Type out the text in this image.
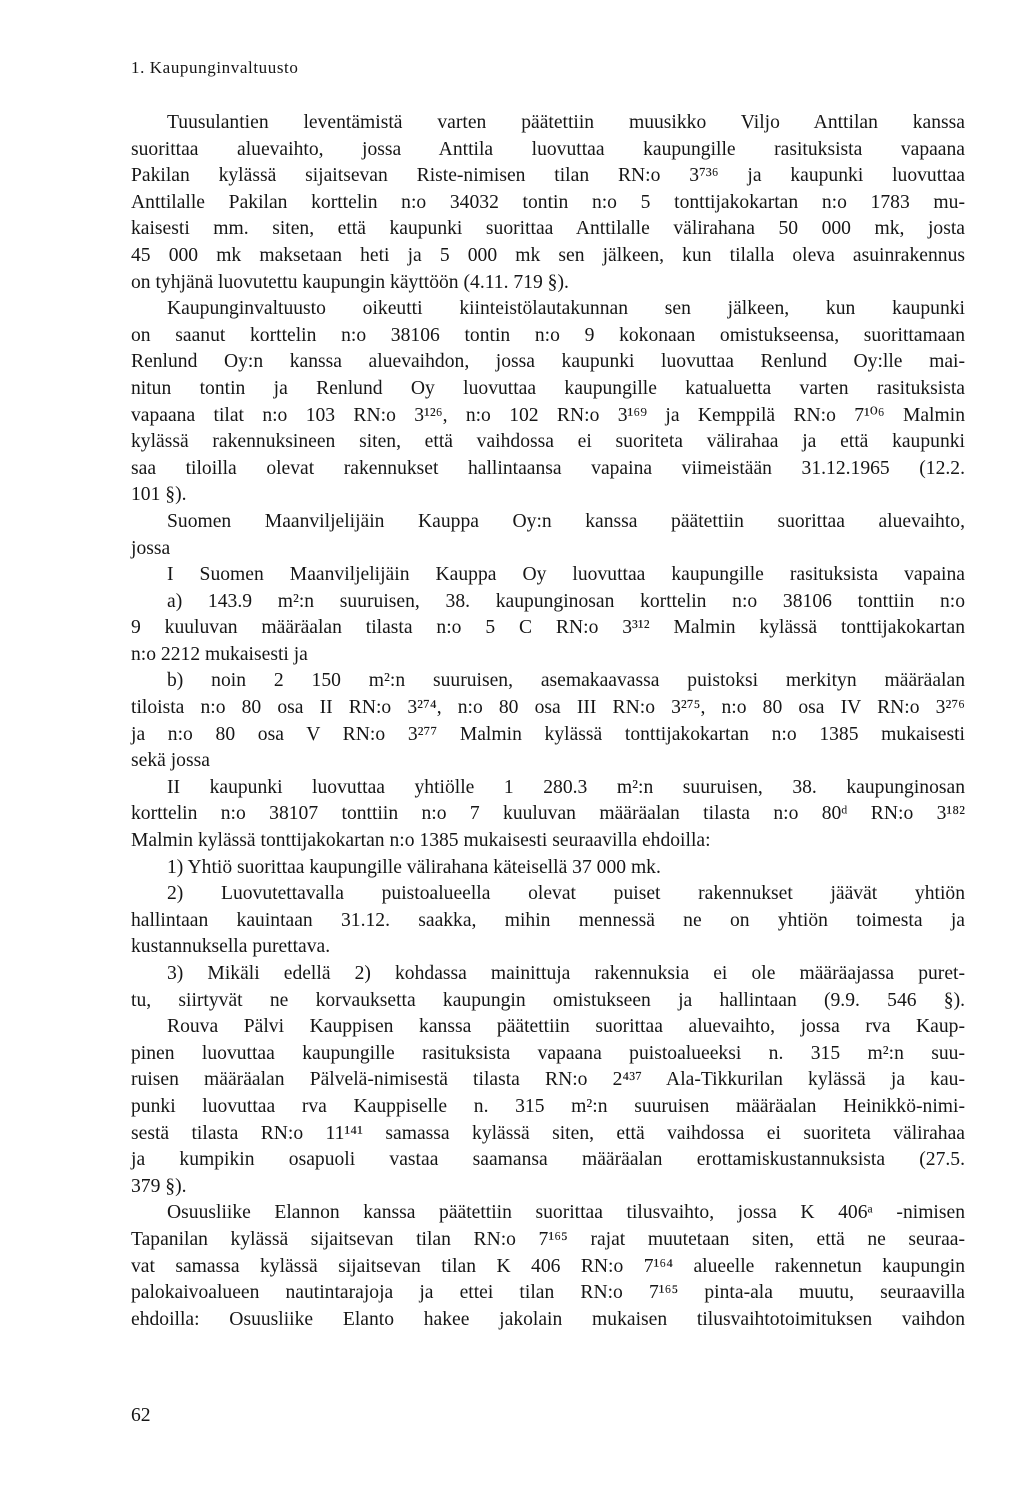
1. Kaupunginvaltuusto
Tuusulantien leventämistä varten päätettiin muusikko Viljo Anttilan kanssa
suorittaa aluevaihto, jossa Anttila luovuttaa kaupungille rasituksista vapaana
Pakilan kylässä sijaitsevan Riste-nimisen tilan RN:o 3⁷³⁶ ja kaupunki luovuttaa
Anttilalle Pakilan korttelin n:o 34032 tontin n:o 5 tonttijakokartan n:o 1783 mu-
kaisesti mm. siten, että kaupunki suorittaa Anttilalle välirahana 50 000 mk, josta
45 000 mk maksetaan heti ja 5 000 mk sen jälkeen, kun tilalla oleva asuinrakennus
on tyhjänä luovutettu kaupungin käyttöön (4.11. 719 §).
Kaupunginvaltuusto oikeutti kiinteistölautakunnan sen jälkeen, kun kaupunki
on saanut korttelin n:o 38106 tontin n:o 9 kokonaan omistukseensa, suorittamaan
Renlund Oy:n kanssa aluevaihdon, jossa kaupunki luovuttaa Renlund Oy:lle mai-
nitun tontin ja Renlund Oy luovuttaa kaupungille katualuetta varten rasituksista
vapaana tilat n:o 103 RN:o 3¹²⁶, n:o 102 RN:o 3¹⁶⁹ ja Kemppilä RN:o 7¹⁰⁶ Malmin
kylässä rakennuksineen siten, että vaihdossa ei suoriteta välirahaa ja että kaupunki
saa tiloilla olevat rakennukset hallintaansa vapaina viimeistään 31.12.1965 (12.2.
101 §).
Suomen Maanviljelijäin Kauppa Oy:n kanssa päätettiin suorittaa aluevaihto,
jossa
I Suomen Maanviljelijäin Kauppa Oy luovuttaa kaupungille rasituksista vapaina
a) 143.9 m²:n suuruisen, 38. kaupunginosan korttelin n:o 38106 tonttiin n:o
9 kuuluvan määräalan tilasta n:o 5 C RN:o 3³¹² Malmin kylässä tonttijakokartan
n:o 2212 mukaisesti ja
b) noin 2 150 m²:n suuruisen, asemakaavassa puistoksi merkityn määräalan
tiloista n:o 80 osa II RN:o 3²⁷⁴, n:o 80 osa III RN:o 3²⁷⁵, n:o 80 osa IV RN:o 3²⁷⁶
ja n:o 80 osa V RN:o 3²⁷⁷ Malmin kylässä tonttijakokartan n:o 1385 mukaisesti
sekä jossa
II kaupunki luovuttaa yhtiölle 1 280.3 m²:n suuruisen, 38. kaupunginosan
korttelin n:o 38107 tonttiin n:o 7 kuuluvan määräalan tilasta n:o 80ᵈ RN:o 3¹⁸²
Malmin kylässä tonttijakokartan n:o 1385 mukaisesti seuraavilla ehdoilla:
1) Yhtiö suorittaa kaupungille välirahana käteisellä 37 000 mk.
2) Luovutettavalla puistoalueella olevat puiset rakennukset jäävät yhtiön
hallintaan kauintaan 31.12. saakka, mihin mennessä ne on yhtiön toimesta ja
kustannuksella purettava.
3) Mikäli edellä 2) kohdassa mainittuja rakennuksia ei ole määräajassa puret-
tu, siirtyvät ne korvauksetta kaupungin omistukseen ja hallintaan (9.9. 546 §).
Rouva Pälvi Kauppisen kanssa päätettiin suorittaa aluevaihto, jossa rva Kaup-
pinen luovuttaa kaupungille rasituksista vapaana puistoalueeksi n. 315 m²:n suu-
ruisen määräalan Pälvelä-nimisestä tilasta RN:o 2⁴³⁷ Ala-Tikkurilan kylässä ja kau-
punki luovuttaa rva Kauppiselle n. 315 m²:n suuruisen määräalan Heinikkö-nimi-
sestä tilasta RN:o 11¹⁴¹ samassa kylässä siten, että vaihdossa ei suoriteta välirahaa
ja kumpikin osapuoli vastaa saamansa määräalan erottamiskustannuksista (27.5.
379 §).
Osuusliike Elannon kanssa päätettiin suorittaa tilusvaihto, jossa K 406ᵃ -nimisen
Tapanilan kylässä sijaitsevan tilan RN:o 7¹⁶⁵ rajat muutetaan siten, että ne seuraa-
vat samassa kylässä sijaitsevan tilan K 406 RN:o 7¹⁶⁴ alueelle rakennetun kaupungin
palokaivoalueen nautintarajoja ja ettei tilan RN:o 7¹⁶⁵ pinta-ala muutu, seuraavilla
ehdoilla: Osuusliike Elanto hakee jakolain mukaisen tilusvaihtotoimituksen vaihdon
62
